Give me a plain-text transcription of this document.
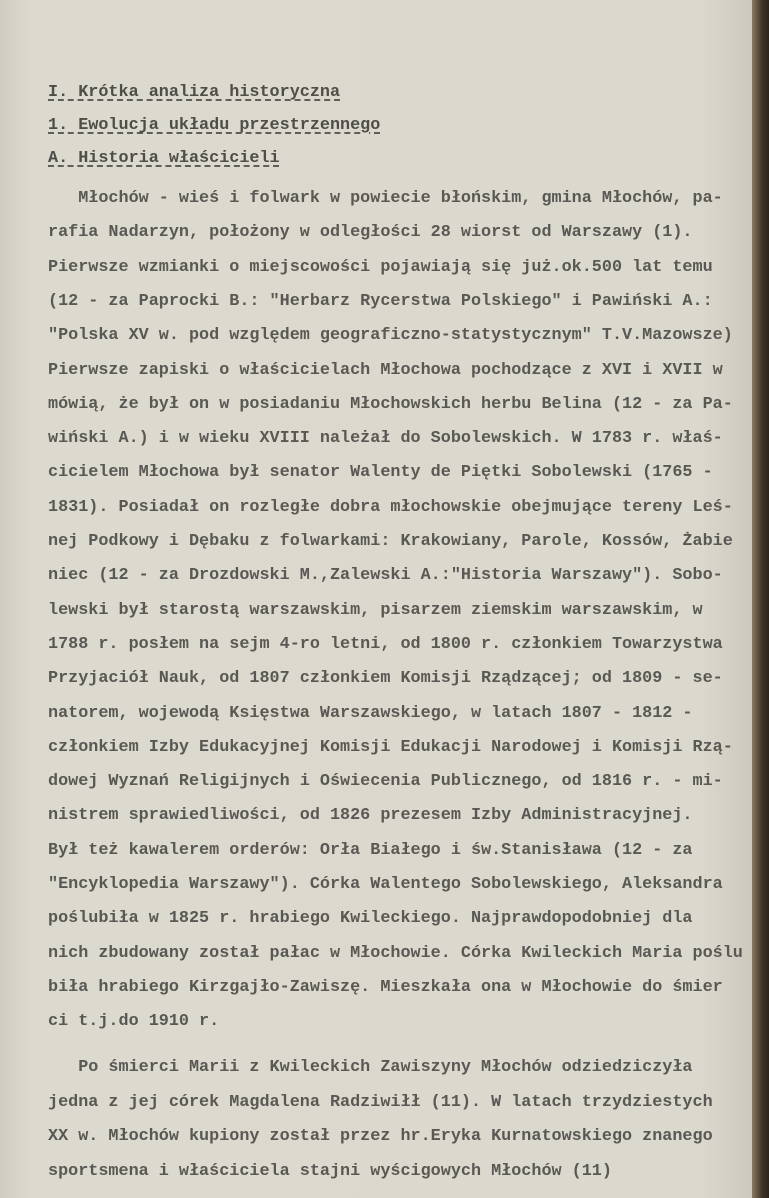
I. Krótka analiza historyczna
1. Ewolucja układu przestrzennego
A. Historia właścicieli
Młochów - wieś i folwark w powiecie błońskim, gmina Młochów, pa-
rafia Nadarzyn, położony w odległości 28 wiorst od Warszawy (1).
Pierwsze wzmianki o miejscowości pojawiają się już.ok.500 lat temu
(12 - za Paprocki B.: "Herbarz Rycerstwa Polskiego" i Pawiński A.:
"Polska XV w. pod względem geograficzno-statystycznym" T.V.Mazowsze)
Pierwsze zapiski o właścicielach Młochowa pochodzące z XVI i XVII w
mówią, że był on w posiadaniu Młochowskich herbu Belina (12 - za Pa-
wiński A.) i w wieku XVIII należał do Sobolewskich. W 1783 r. właś-
cicielem Młochowa był senator Walenty de Piętki Sobolewski (1765 -
1831). Posiadał on rozległe dobra młochowskie obejmujące tereny Leś-
nej Podkowy i Dębaku z folwarkami: Krakowiany, Parole, Kossów, Żabie
niec (12 - za Drozdowski M.,Zalewski A.:"Historia Warszawy"). Sobo-
lewski był starostą warszawskim, pisarzem ziemskim warszawskim, w
1788 r. posłem na sejm 4-ro letni, od 1800 r. członkiem Towarzystwa
Przyjaciół Nauk, od 1807 członkiem Komisji Rządzącej; od 1809 - se-
natorem, wojewodą Księstwa Warszawskiego, w latach 1807 - 1812 -
członkiem Izby Edukacyjnej Komisji Edukacji Narodowej i Komisji Rzą-
dowej Wyznań Religijnych i Oświecenia Publicznego, od 1816 r. - mi-
nistrem sprawiedliwości, od 1826 prezesem Izby Administracyjnej.
Był też kawalerem orderów: Orła Białego i św.Stanisława (12 - za
"Encyklopedia Warszawy"). Córka Walentego Sobolewskiego, Aleksandra
poślubiła w 1825 r. hrabiego Kwileckiego. Najprawdopodobniej dla
nich zbudowany został pałac w Młochowie. Córka Kwileckich Maria poślu
biła hrabiego Kirzgajło-Zawiszę. Mieszkała ona w Młochowie do śmier
ci t.j.do 1910 r.
Po śmierci Marii z Kwileckich Zawiszyny Młochów odziedziczyła
jedna z jej córek Magdalena Radziwiłł (11). W latach trzydziestych
XX w. Młochów kupiony został przez hr.Eryka Kurnatowskiego znanego
sportsmena i właściciela stajni wyścigowych Młochów (11)
